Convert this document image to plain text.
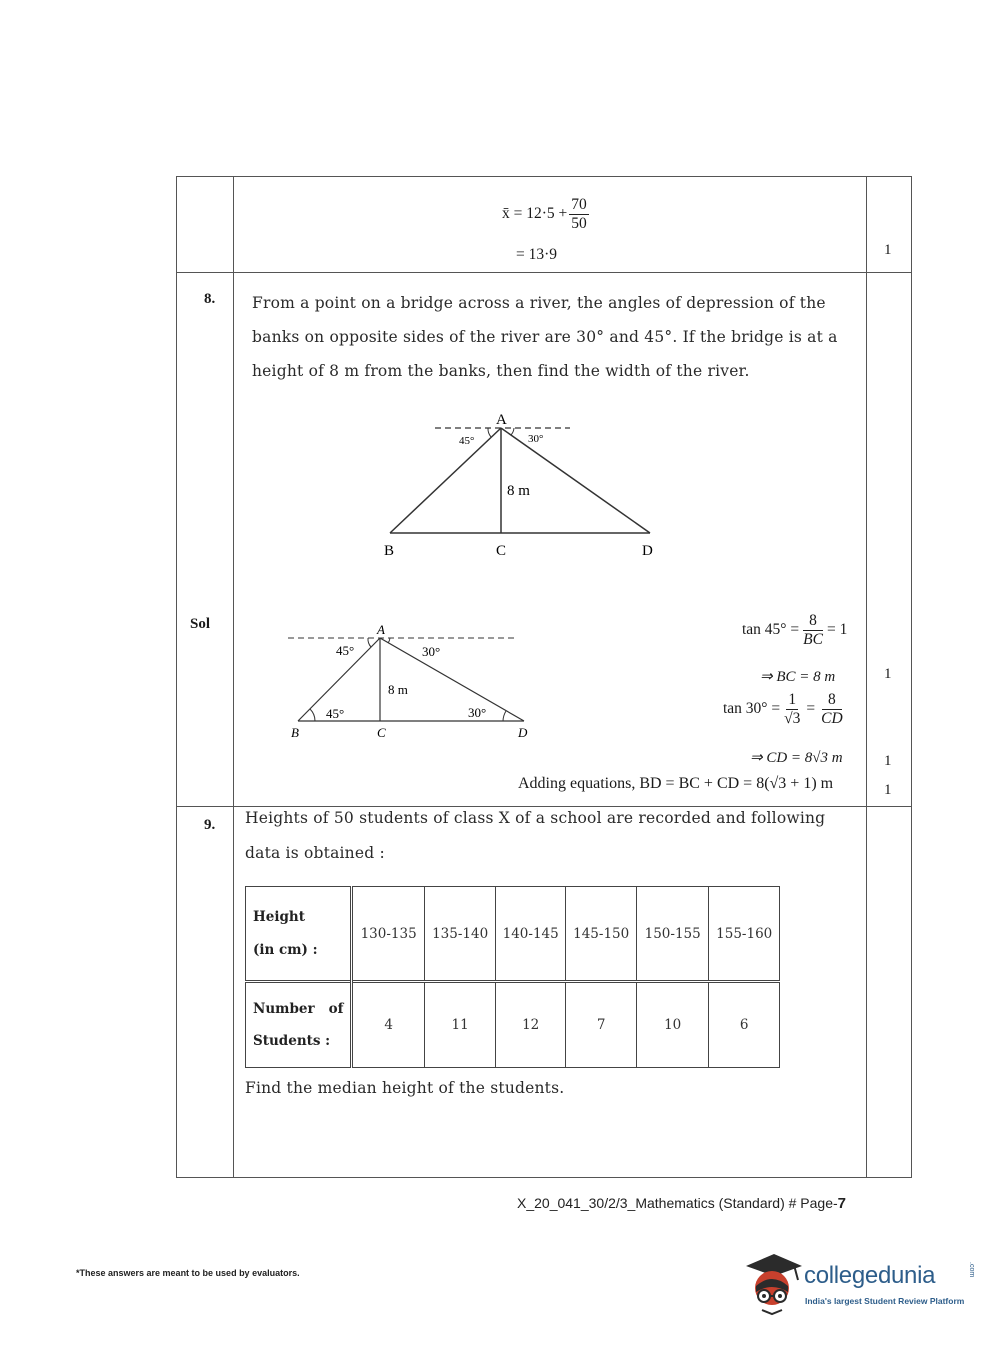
x̄ = $12\cdot 5 + \frac{70}{50}$
= 13·9	1
8. From a point on a bridge across a river, the angles of depression of the
banks on opposite sides of the river are 30° and 45°. If the bridge is at a
height of 8 m from the banks, then find the width of the river.
A
45°	30°
8 m
B	C	D
Sol	A
45°	30°
8 m
45°	30°
B	C	D
$\tan 45^\circ = \frac{8}{BC} = 1$
⇒ BC = 8 m	1
$\tan 30^\circ = \frac{1}{√3} = \frac{8}{CD}$
⇒ CD = 8√3 m	1
Adding equations, BD = BC + CD = 8(√3 + 1) m	1
9. Heights of 50 students of class X of a school are recorded and following
data is obtained :
Height
(in cm) :	130-135	135-140	140-145	145-150	150-155	155-160
Number   of
Students :	4	11	12	7	10	6
Find the median height of the students.
X_20_041_30/2/3_Mathematics (Standard) # Page-7
*These answers are meant to be used by evaluators.	collegedunia	.com
India's largest Student Review Platform
